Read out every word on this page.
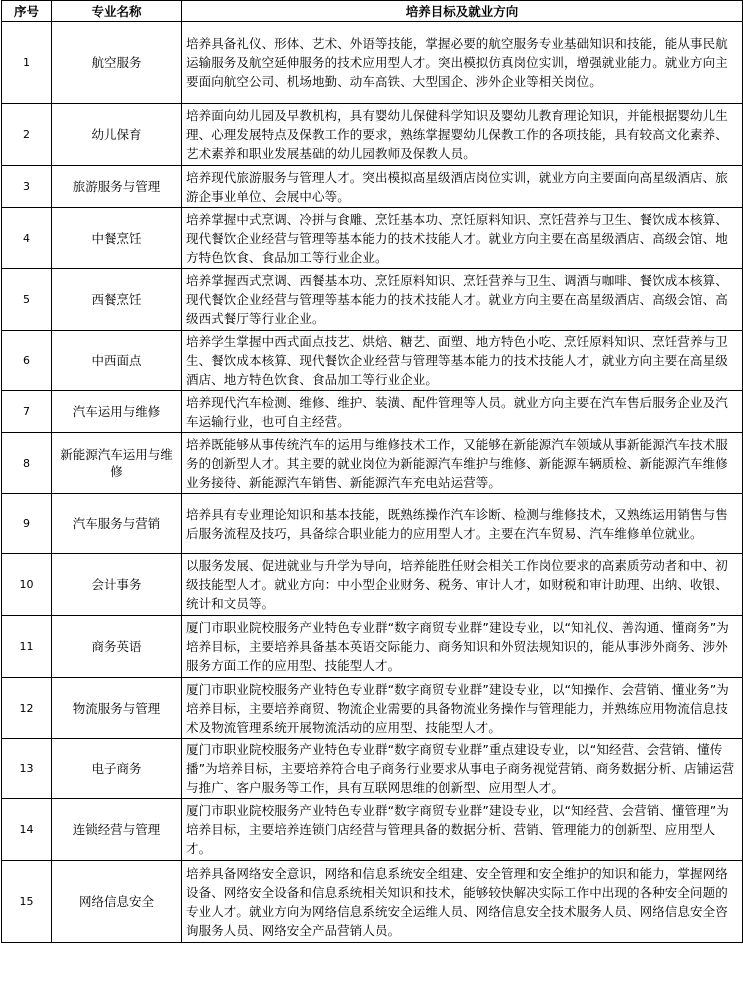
序号	专业名称	培养目标及就业方向
1	航空服务	培养具备礼仪、形体、艺术、外语等技能，掌握必要的航空服务专业基础知识和技能，能从事民航运输服务及航空延伸服务的技术应用型人才。突出模拟仿真岗位实训，增强就业能力。就业方向主要面向航空公司、机场地勤、动车高铁、大型国企、涉外企业等相关岗位。
2	幼儿保育	培养面向幼儿园及早教机构，具有婴幼儿保健科学知识及婴幼儿教育理论知识，并能根据婴幼儿生理、心理发展特点及保教工作的要求，熟练掌握婴幼儿保教工作的各项技能，具有较高文化素养、艺术素养和职业发展基础的幼儿园教师及保教人员。
3	旅游服务与管理	培养现代旅游服务与管理人才。突出模拟高星级酒店岗位实训，就业方向主要面向高星级酒店、旅游企事业单位、会展中心等。
4	中餐烹饪	培养掌握中式烹调、冷拼与食雕、烹饪基本功、烹饪原料知识、烹饪营养与卫生、餐饮成本核算、现代餐饮企业经营与管理等基本能力的技术技能人才。就业方向主要在高星级酒店、高级会馆、地方特色饮食、食品加工等行业企业。
5	西餐烹饪	培养掌握西式烹调、西餐基本功、烹饪原料知识、烹饪营养与卫生、调酒与咖啡、餐饮成本核算、现代餐饮企业经营与管理等基本能力的技术技能人才。就业方向主要在高星级酒店、高级会馆、高级西式餐厅等行业企业。
6	中西面点	培养学生掌握中西式面点技艺、烘焙、糖艺、面塑、地方特色小吃、烹饪原料知识、烹饪营养与卫生、餐饮成本核算、现代餐饮企业经营与管理等基本能力的技术技能人才，就业方向主要在高星级酒店、地方特色饮食、食品加工等行业企业。
7	汽车运用与维修	培养现代汽车检测、维修、维护、装潢、配件管理等人员。就业方向主要在汽车售后服务企业及汽车运输行业，也可自主经营。
8	新能源汽车运用与维修	培养既能够从事传统汽车的运用与维修技术工作，又能够在新能源汽车领域从事新能源汽车技术服务的创新型人才。其主要的就业岗位为新能源汽车维护与维修、新能源车辆质检、新能源汽车维修业务接待、新能源汽车销售、新能源汽车充电站运营等。
9	汽车服务与营销	培养具有专业理论知识和基本技能，既熟练操作汽车诊断、检测与维修技术，又熟练运用销售与售后服务流程及技巧，具备综合职业能力的应用型人才。主要在汽车贸易、汽车维修单位就业。
10	会计事务	以服务发展、促进就业与升学为导向，培养能胜任财会相关工作岗位要求的高素质劳动者和中、初级技能型人才。就业方向：中小型企业财务、税务、审计人才，如财税和审计助理、出纳、收银、统计和文员等。
11	商务英语	厦门市职业院校服务产业特色专业群“数字商贸专业群”建设专业，以“知礼仪、善沟通、懂商务”为培养目标，主要培养具备基本英语交际能力、商务知识和外贸法规知识的，能从事涉外商务、涉外服务方面工作的应用型、技能型人才。
12	物流服务与管理	厦门市职业院校服务产业特色专业群“数字商贸专业群”建设专业，以“知操作、会营销、懂业务”为培养目标，主要培养商贸、物流企业需要的具备物流业务操作与管理能力，并熟练应用物流信息技术及物流管理系统开展物流活动的应用型、技能型人才。
13	电子商务	厦门市职业院校服务产业特色专业群“数字商贸专业群”重点建设专业，以“知经营、会营销、懂传播”为培养目标，主要培养符合电子商务行业要求从事电子商务视觉营销、商务数据分析、店铺运营与推广、客户服务等工作，具有互联网思维的创新型、应用型人才。
14	连锁经营与管理	厦门市职业院校服务产业特色专业群“数字商贸专业群”建设专业，以“知经营、会营销、懂管理”为培养目标，主要培养连锁门店经营与管理具备的数据分析、营销、管理能力的创新型、应用型人才。
15	网络信息安全	培养具备网络安全意识，网络和信息系统安全组建、安全管理和安全维护的知识和能力，掌握网络设备、网络安全设备和信息系统相关知识和技术，能够较快解决实际工作中出现的各种安全问题的专业人才。就业方向为网络信息系统安全运维人员、网络信息安全技术服务人员、网络信息安全咨询服务人员、网络安全产品营销人员。
